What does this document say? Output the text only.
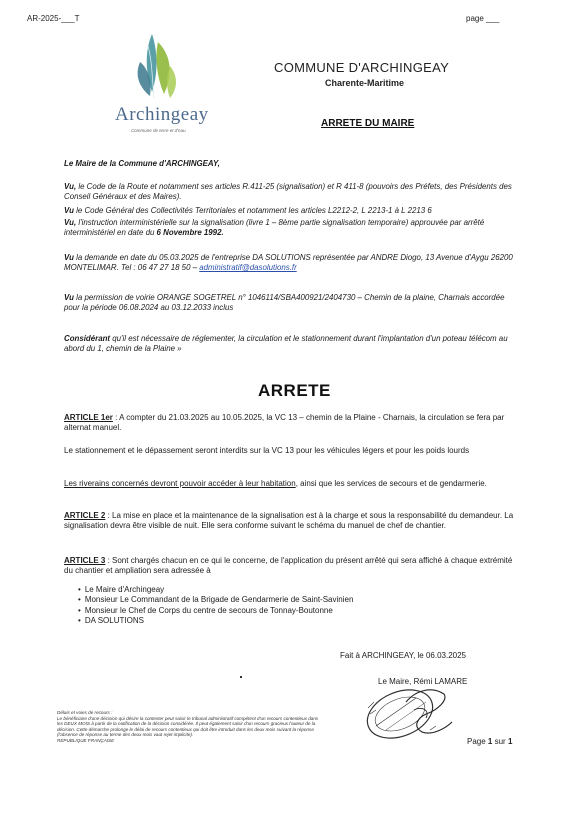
AR-2025-___T	page ___
Archingeay
Commune de terre et d'eau
COMMUNE D'ARCHINGEAY
Charente-Maritime
ARRETE DU MAIRE
Le Maire de la Commune d'ARCHINGEAY,
Vu, le Code de la Route et notamment ses articles R.411-25 (signalisation) et R 411-8 (pouvoirs des Préfets, des Présidents des Conseil Généraux et des Maires).
Vu le Code Général des Collectivités Territoriales et notamment les articles L2212-2, L 2213-1 à L 2213 6
Vu, l'instruction interministérielle sur la signalisation (livre 1 – 8ème partie signalisation temporaire) approuvée par arrêté interministériel en date du 6 Novembre 1992.
Vu la demande en date du 05.03.2025 de l'entreprise DA SOLUTIONS représentée par ANDRE Diogo, 13 Avenue d'Aygu 26200 MONTELIMAR. Tel : 06 47 27 18 50 – administratif@dasolutions.fr
Vu la permission de voirie ORANGE SOGETREL n° 1046114/SBA400921/2404730 – Chemin de la plaine, Charnais accordée pour la période 06.08.2024 au 03.12.2033 inclus
Considérant qu'il est nécessaire de réglementer, la circulation et le stationnement durant l'implantation d'un poteau télécom au abord du 1, chemin de la Plaine »
ARRETE
ARTICLE 1er : A compter du 21.03.2025 au 10.05.2025, la VC 13 – chemin de la Plaine - Charnais, la circulation se fera par alternat manuel.
Le stationnement et le dépassement seront interdits sur la VC 13 pour les véhicules légers et pour les poids lourds
Les riverains concernés devront pouvoir accéder à leur habitation, ainsi que les services de secours et de gendarmerie.
ARTICLE 2 : La mise en place et la maintenance de la signalisation est à la charge et sous la responsabilité du demandeur. La signalisation devra être visible de nuit. Elle sera conforme suivant le schéma du manuel de chef de chantier.
ARTICLE 3 : Sont chargés chacun en ce qui le concerne, de l'application du présent arrêté qui sera affiché à chaque extrémité du chantier et ampliation sera adressée à
• Le Maire d'Archingeay
• Monsieur Le Commandant de la Brigade de Gendarmerie de Saint-Savinien
• Monsieur le Chef de Corps du centre de secours de Tonnay-Boutonne
• DA SOLUTIONS
Fait à ARCHINGEAY, le 06.03.2025
Le Maire, Rémi LAMARE
Délais et voies de recours :
Le bénéficiaire d'une décision qui désire la contester peut saisir le tribunal administratif compétent d'un recours contentieux dans les DEUX MOIS à partir de la notification de la décision considérée. Il peut également saisir d'un recours gracieux l'auteur de la décision. Cette démarche prolonge le délai de recours contentieux qui doit être introduit dans les deux mois suivant la réponse (l'absence de réponse au terme des deux mois vaut rejet implicite).
REPUBLIQUE FRANÇAISE	Page 1 sur 1
